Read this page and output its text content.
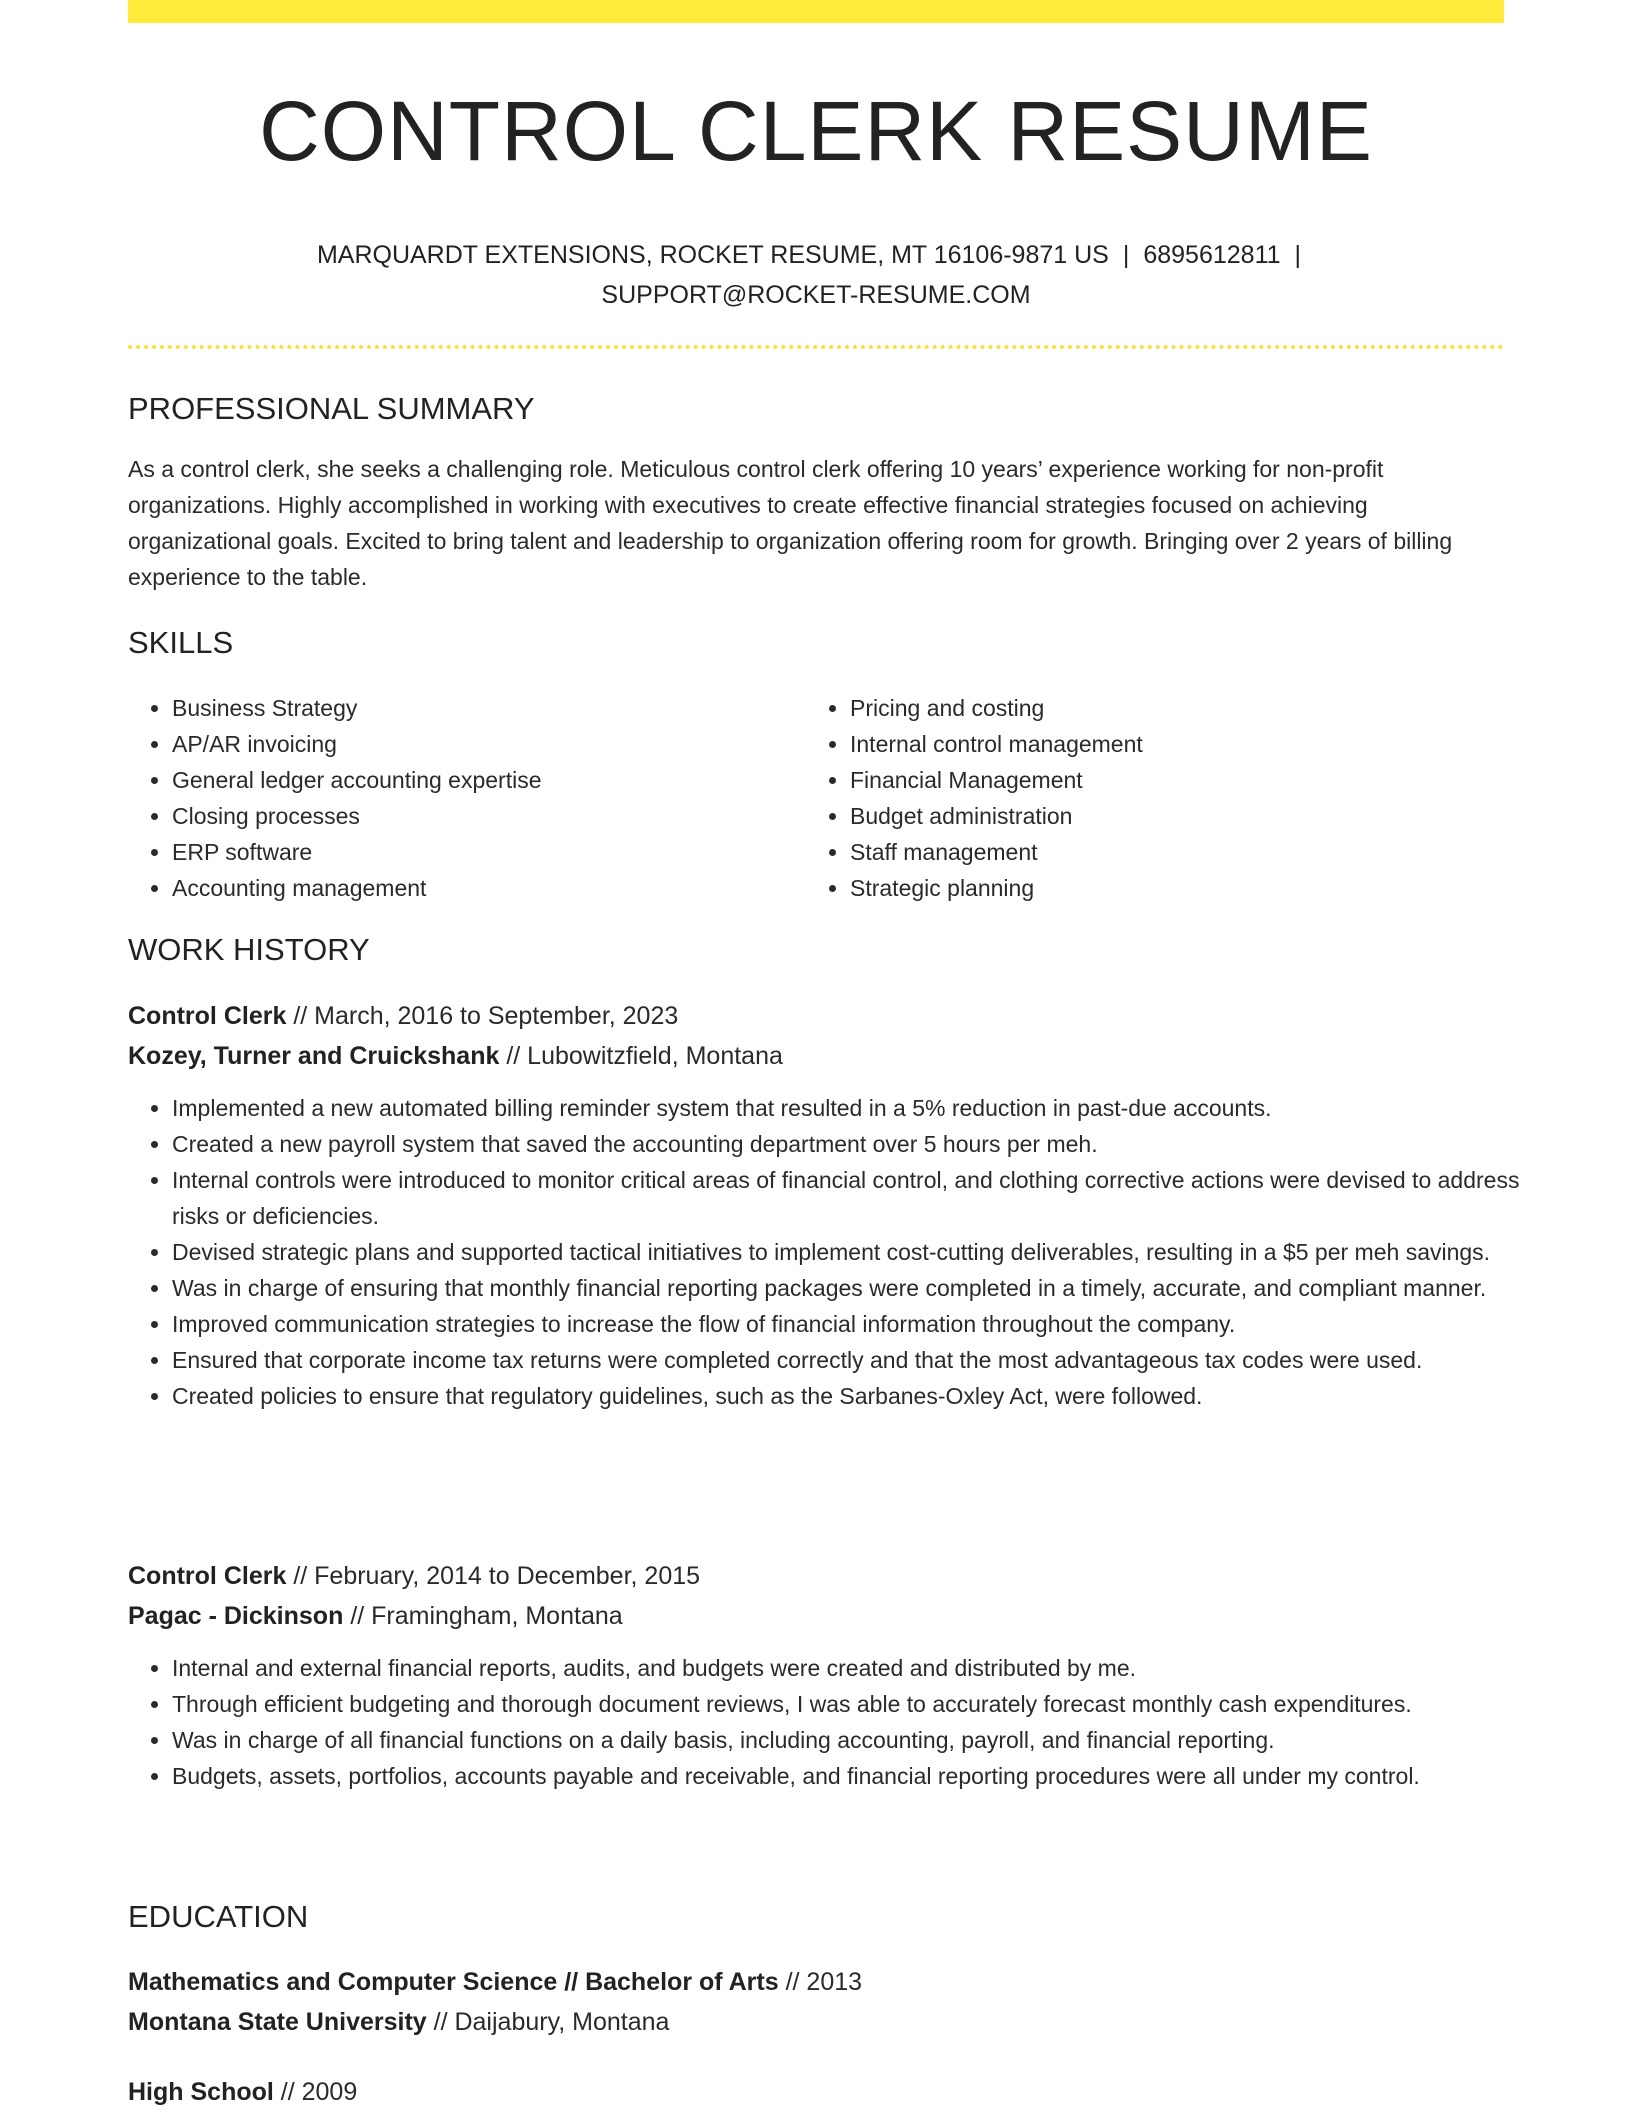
CONTROL CLERK RESUME
MARQUARDT EXTENSIONS, ROCKET RESUME, MT 16106-9871 US | 6895612811 |
SUPPORT@ROCKET-RESUME.COM
PROFESSIONAL SUMMARY

As a control clerk, she seeks a challenging role. Meticulous control clerk offering 10 years’ experience working for non-profit organizations. Highly accomplished in working with executives to create effective financial strategies focused on achieving organizational goals. Excited to bring talent and leadership to organization offering room for growth. Bringing over 2 years of billing experience to the table.

SKILLS
• Business Strategy
• AP/AR invoicing
• General ledger accounting expertise
• Closing processes
• ERP software
• Accounting management
• Pricing and costing
• Internal control management
• Financial Management
• Budget administration
• Staff management
• Strategic planning
WORK HISTORY
Control Clerk // March, 2016 to September, 2023
Kozey, Turner and Cruickshank // Lubowitzfield, Montana
• Implemented a new automated billing reminder system that resulted in a 5% reduction in past-due accounts.
• Created a new payroll system that saved the accounting department over 5 hours per meh.
• Internal controls were introduced to monitor critical areas of financial control, and clothing corrective actions were devised to address risks or deficiencies.
• Devised strategic plans and supported tactical initiatives to implement cost-cutting deliverables, resulting in a $5 per meh savings.
• Was in charge of ensuring that monthly financial reporting packages were completed in a timely, accurate, and compliant manner.
• Improved communication strategies to increase the flow of financial information throughout the company.
• Ensured that corporate income tax returns were completed correctly and that the most advantageous tax codes were used.
• Created policies to ensure that regulatory guidelines, such as the Sarbanes-Oxley Act, were followed.
Control Clerk // February, 2014 to December, 2015
Pagac - Dickinson // Framingham, Montana
• Internal and external financial reports, audits, and budgets were created and distributed by me.
• Through efficient budgeting and thorough document reviews, I was able to accurately forecast monthly cash expenditures.
• Was in charge of all financial functions on a daily basis, including accounting, payroll, and financial reporting.
• Budgets, assets, portfolios, accounts payable and receivable, and financial reporting procedures were all under my control.
EDUCATION
Mathematics and Computer Science // Bachelor of Arts // 2013
Montana State University // Daijabury, Montana
High School // 2009
